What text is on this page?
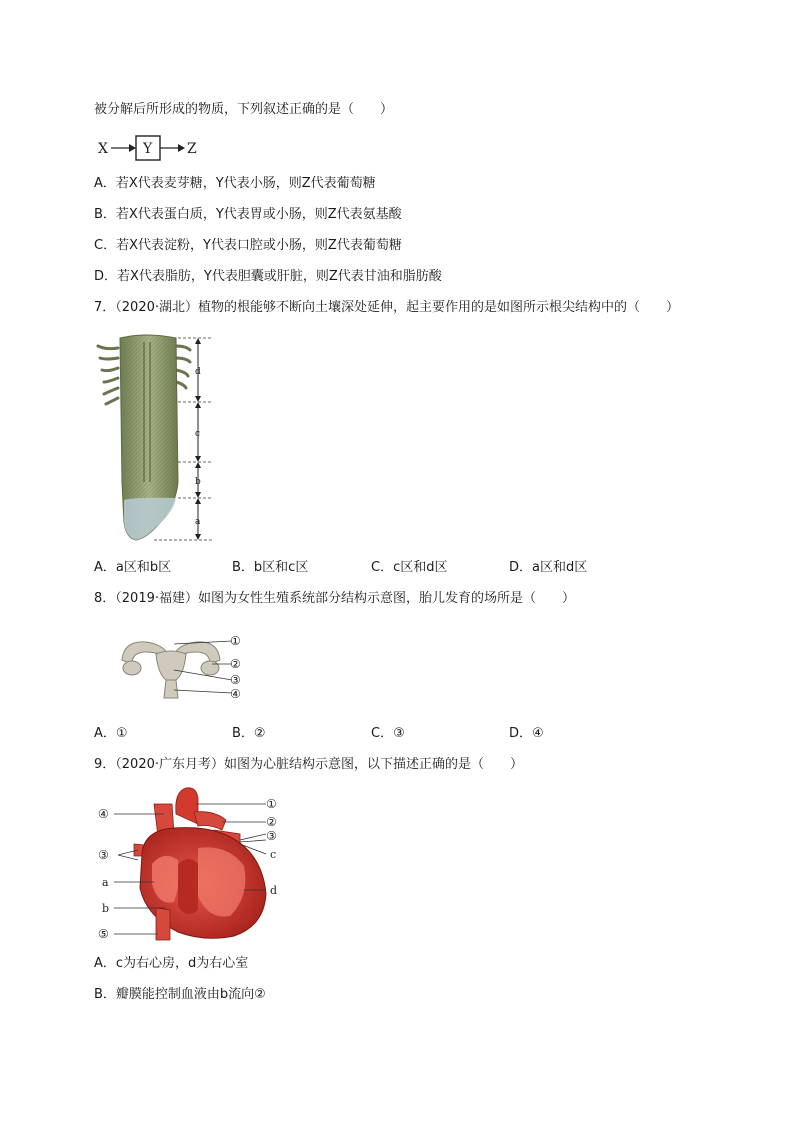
被分解后所形成的物质，下列叙述正确的是（　　）
X	Y Z
A．若X代表麦芽糖，Y代表小肠，则Z代表葡萄糖
B．若X代表蛋白质，Y代表胃或小肠，则Z代表氨基酸
C．若X代表淀粉，Y代表口腔或小肠，则Z代表葡萄糖
D．若X代表脂肪，Y代表胆囊或肝脏，则Z代表甘油和脂肪酸
7．（2020·湖北）植物的根能够不断向土壤深处延伸，起主要作用的是如图所示根尖结构中的（　　）
d
c
b
a
A．a区和b区	B．b区和c区	C．c区和d区	D．a区和d区
8．（2019·福建）如图为女性生殖系统部分结构示意图，胎儿发育的场所是（　　）
①
②
③
④
A．①	B．②	C．③	D．④
9．（2020·广东月考）如图为心脏结构示意图，以下描述正确的是（　　）
①
②
③
c
d
④
③
a
b
⑤
A．c为右心房，d为右心室
B．瓣膜能控制血液由b流向②
